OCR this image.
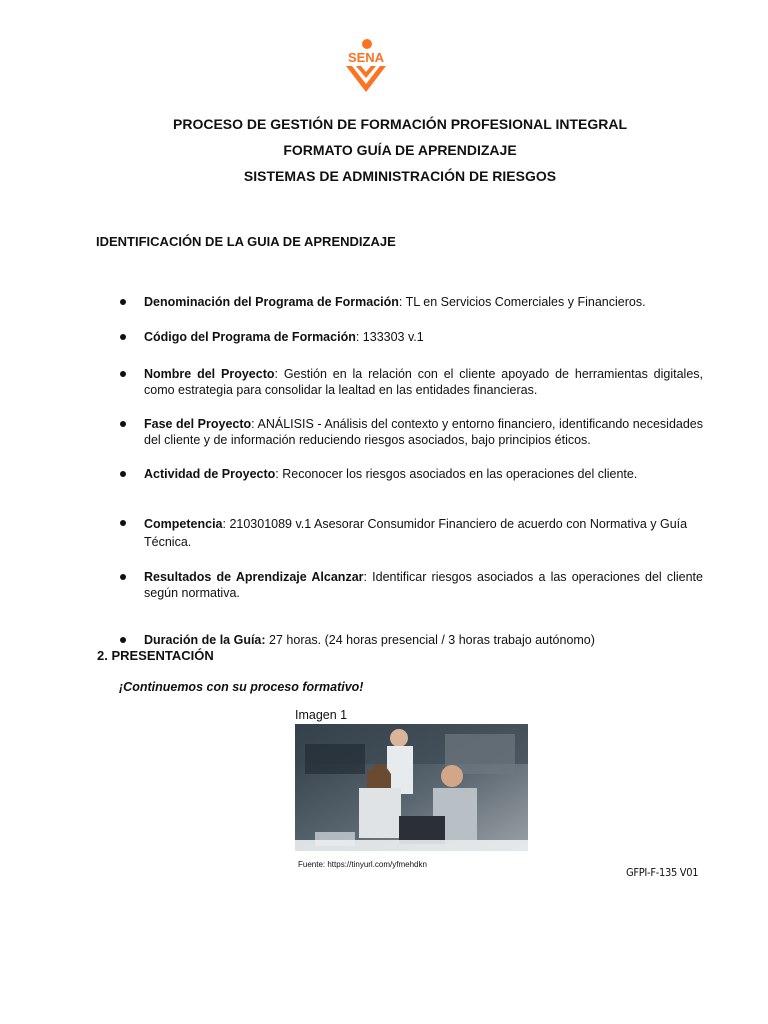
SENA
PROCESO DE GESTIÓN DE FORMACIÓN PROFESIONAL INTEGRAL
FORMATO GUÍA DE APRENDIZAJE
SISTEMAS DE ADMINISTRACIÓN DE RIESGOS
IDENTIFICACIÓN DE LA GUIA DE APRENDIZAJE
Denominación del Programa de Formación: TL en Servicios Comerciales y Financieros.
Código del Programa de Formación: 133303 v.1
Nombre del Proyecto: Gestión en la relación con el cliente apoyado de herramientas digitales, como estrategia para consolidar la lealtad en las entidades financieras.
Fase del Proyecto: ANÁLISIS - Análisis del contexto y entorno financiero, identificando necesidades del cliente y de información reduciendo riesgos asociados, bajo principios éticos.
Actividad de Proyecto: Reconocer los riesgos asociados en las operaciones del cliente.
Competencia: 210301089 v.1 Asesorar Consumidor Financiero de acuerdo con Normativa y Guía Técnica.
Resultados de Aprendizaje Alcanzar: Identificar riesgos asociados a las operaciones del cliente según normativa.
Duración de la Guía: 27 horas. (24 horas presencial / 3 horas trabajo autónomo)
2. PRESENTACIÓN
¡Continuemos con su proceso formativo!
Imagen 1
Fuente: https://tinyurl.com/yfmehdkn
GFPI-F-135 V01
